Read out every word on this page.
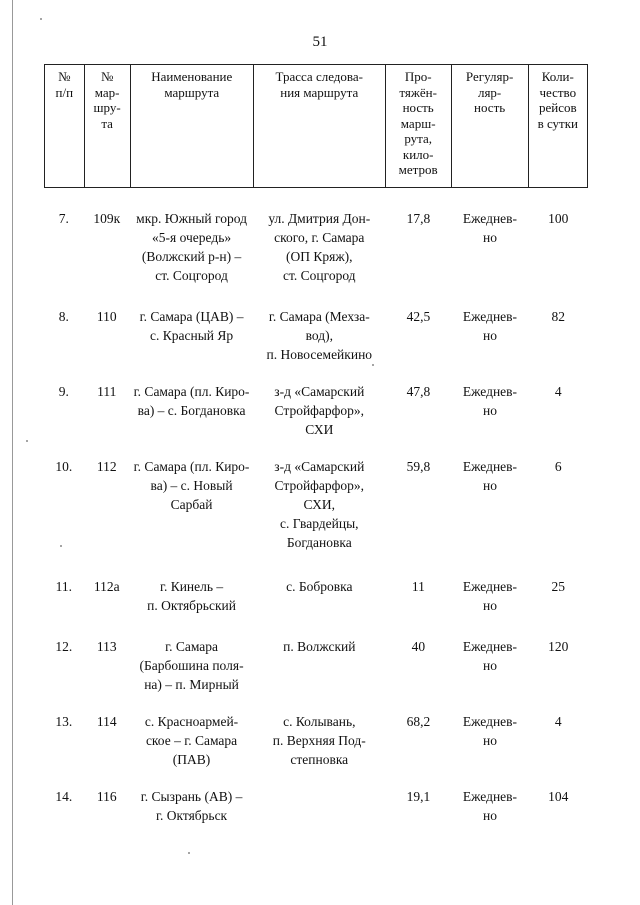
51
№
п/п	№
мар-
шру-
та	Наименование
маршрута	Трасса следова-
ния маршрута	Про-
тяжён-
ность
марш-
рута,
кило-
метров	Регуляр-
ляр-
ность	Коли-
чество
рейсов
в сутки
7.	109к	мкр. Южный город
«5-я очередь»
(Волжский р-н) –
ст. Соцгород	ул. Дмитрия Дон-
ского, г. Самара
(ОП Кряж),
ст. Соцгород	17,8	Ежеднев-
но	100
8.	110	г. Самара (ЦАВ) –
с. Красный Яр	г. Самара (Мехза-
вод),
п. Новосемейкино	42,5	Ежеднев-
но	82
9.	111	г. Самара (пл. Киро-
ва) – с. Богдановка	з-д «Самарский
Стройфарфор»,
СХИ	47,8	Ежеднев-
но	4
10.	112	г. Самара (пл. Киро-
ва) – с. Новый
Сарбай	з-д «Самарский
Стройфарфор»,
СХИ,
с. Гвардейцы,
Богдановка	59,8	Ежеднев-
но	6
11.	112а	г. Кинель –
п. Октябрьский	с. Бобровка	11	Ежеднев-
но	25
12.	113	г. Самара
(Барбошина поля-
на) – п. Мирный	п. Волжский	40	Ежеднев-
но	120
13.	114	с. Красноармей-
ское – г. Самара
(ПАВ)	с. Колывань,
п. Верхняя Под-
степновка	68,2	Ежеднев-
но	4
14.	116	г. Сызрань (АВ) –
г. Октябрьск		19,1	Ежеднев-
но	104
